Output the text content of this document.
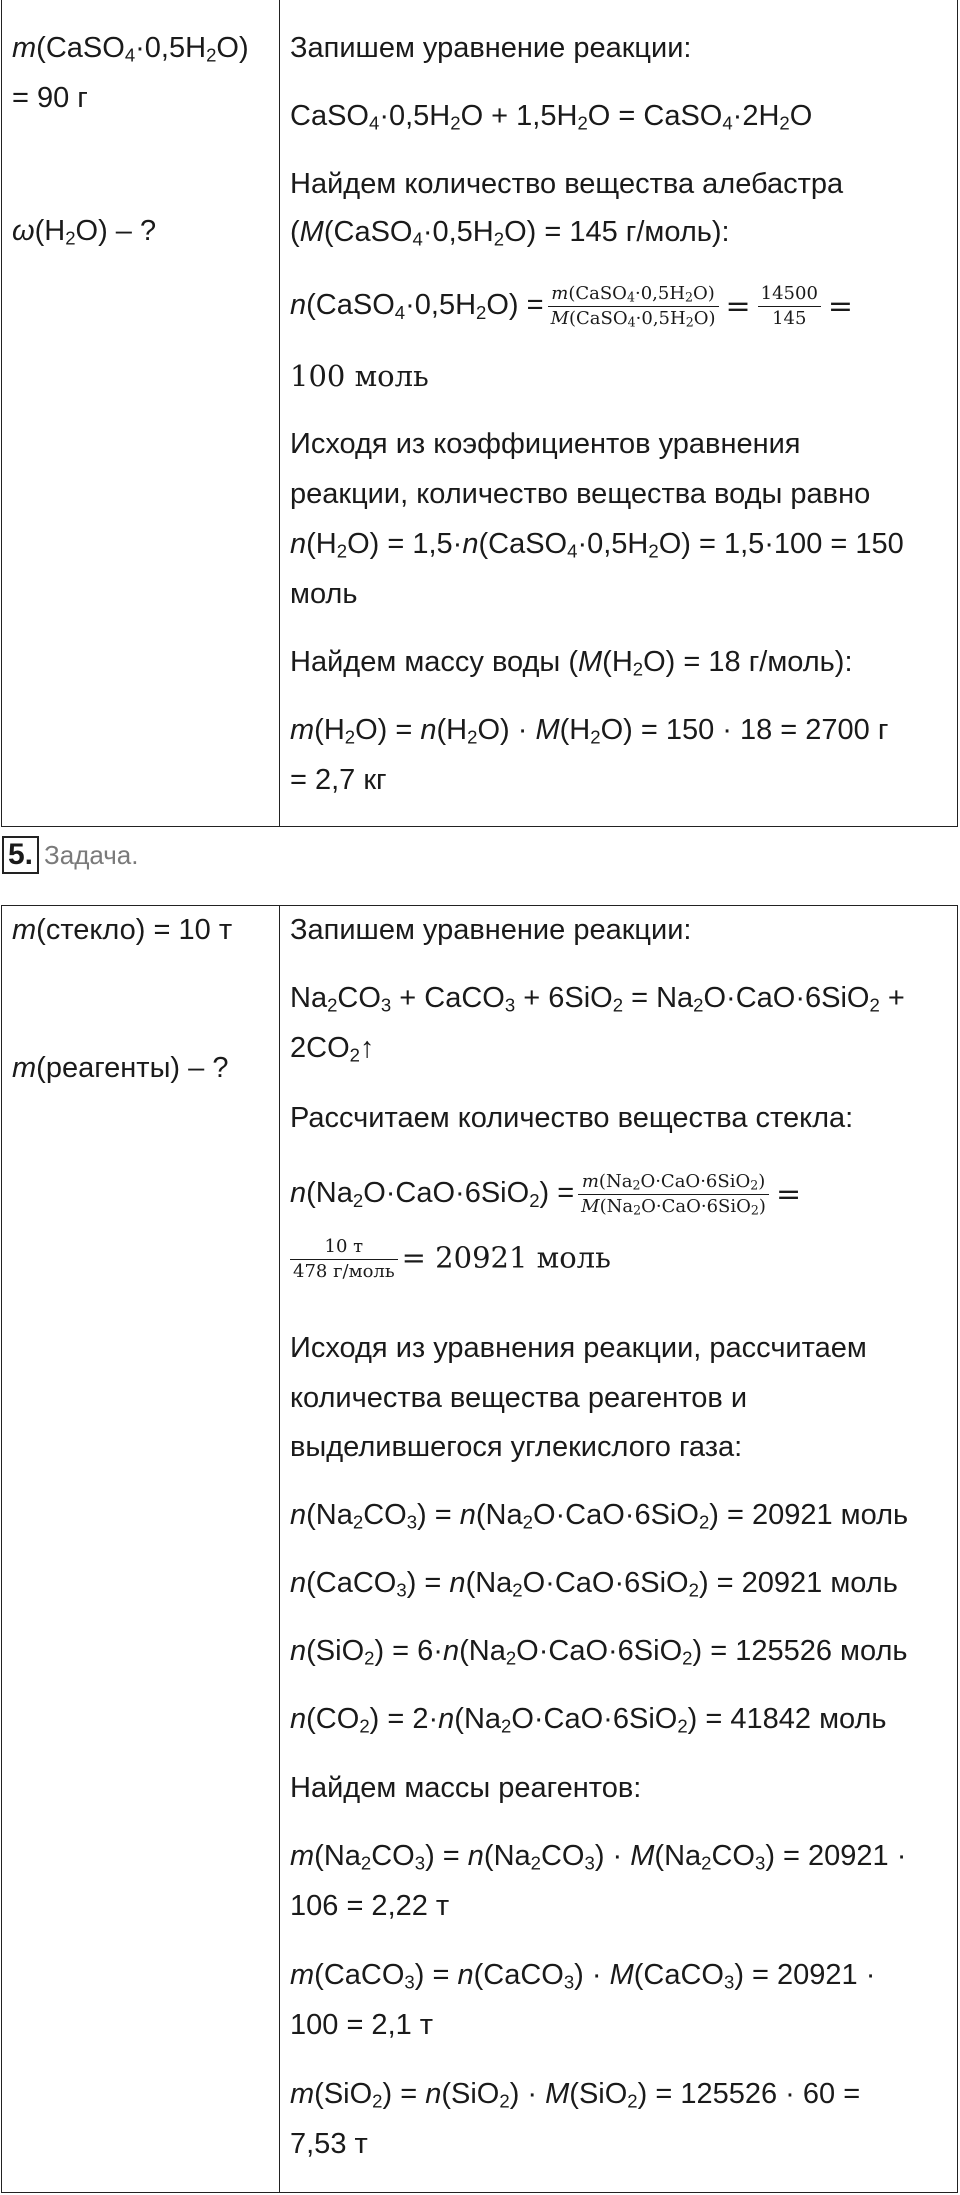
$m(CaSO_4\cdot 0,5H_2O)$
= 90 г
$\omega(H_2O)$ – ?
Запишем уравнение реакции:
$CaSO_4\cdot 0,5H_2O + 1,5H_2O$ = $CaSO_4\cdot 2H_2O$
Найдем количество вещества алебастра
($M(CaSO_4\cdot 0,5H_2O) = 145$ г/моль):
$n(CaSO_4\cdot 0,5H_2O) = \frac{m(CaSO_4\cdot 0,5H_2O)}{M(CaSO_4\cdot 0,5H_2O)} = \frac{14500}{145}$ =
100 моль
Исходя из коэффициентов уравнения
реакции, количество вещества воды равно
$n(H_2O)$ = $1,5\cdot n(CaSO_4\cdot 0,5H_2O) = 1,5\cdot 100 = 150$
моль
Найдем массу воды ($M(H_2O) = 18$ г/моль):
$m(H_2O) = n(H_2O) \cdot M(H_2O) = 150 \cdot 18 = 2700$ г
= 2,7 кг
5. Задача.
m(стекло) = 10 т
m(реагенты) – ?
Запишем уравнение реакции:
$Na_2CO_3$ + CaCO$_3$ + $6SiO_2 = Na_2O\cdot CaO\cdot 6SiO_2$ +
$2CO_2↑$
Рассчитаем количество вещества стекла:
$n(Na_2O\cdot CaO\cdot 6SiO_2) = \frac{m(Na_2O\cdot CaO\cdot 6SiO_2)}{M(Na_2O\cdot CaO\cdot 6SiO_2)}$ =
$\frac{10 т}{\text{478 г/моль}} = 20921$ моль
Исходя из уравнения реакции, рассчитаем
количества вещества реагентов и
выделившегося углекислого газа:
$n(Na_2CO_3) = n(Na_2O\cdot CaO\cdot 6SiO_2) = 20921$ моль
n(CaCO$_3$) = $n(Na_2O\cdot CaO\cdot 6SiO_2) = 20921$ моль
$n(SiO_2) = 6\cdot n(Na_2O\cdot CaO\cdot 6SiO_2) = 125526$ моль
$n(CO_2) = 2\cdot n(Na_2O\cdot CaO\cdot 6SiO_2) = 41842$ моль
Найдем массы реагентов:
$m(Na_2CO_3) = n(Na_2CO_3) \cdot M(Na_2CO_3) = 20921$ ·
106 = 2,22 т
m(CaCO$_3$) = n(CaCO$_3$) · M(CaCO$_3$) = 20921 ·
100 = 2,1 т
m(SiO$_2$) = n(SiO$_2$) · M(SiO$_2$) = 125526 · 60 =
7,53 т
